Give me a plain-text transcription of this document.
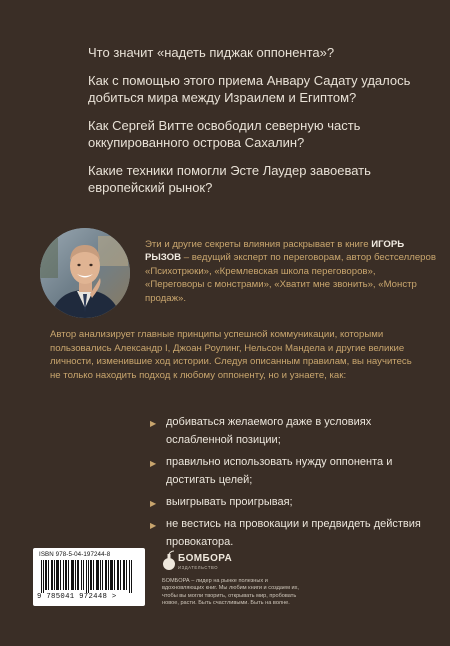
Что значит «надеть пиджак оппонента»?

Как с помощью этого приема Анвару Садату удалось добиться мира между Израилем и Египтом?

Как Сергей Витте освободил северную часть оккупированного острова Сахалин?

Какие техники помогли Эсте Лаудер завоевать европейский рынок?

Эти и другие секреты влияния раскрывает в книге ИГОРЬ РЫЗОВ – ведущий эксперт по переговорам, автор бестселлеров «Психотрюки», «Кремлевская школа переговоров», «Переговоры с монстрами», «Хватит мне звонить», «Монстр продаж».
Автор анализирует главные принципы успешной коммуникации, которыми пользовались Александр I, Джоан Роулинг, Нельсон Мандела и другие великие личности, изменившие ход истории. Следуя описанным правилам, вы научитесь не только находить подход к любому оппоненту, но и узнаете, как:
▶ добиваться желаемого даже в условиях ослабленной позиции;
▶ правильно использовать нужду оппонента и достигать целей;
▶ выигрывать проигрывая;
▶ не вестись на провокации и предвидеть действия провокатора.
ISBN 978-5-04-197244-8
9 785041 972448 >
БОМБОРА
ИЗДАТЕЛЬСТВО
БОМБОРА – лидер на рынке полезных и вдохновляющих книг. Мы любим книги и создаем их, чтобы вы могли творить, открывать мир, пробовать новое, расти. Быть счастливыми. Быть на волне.
